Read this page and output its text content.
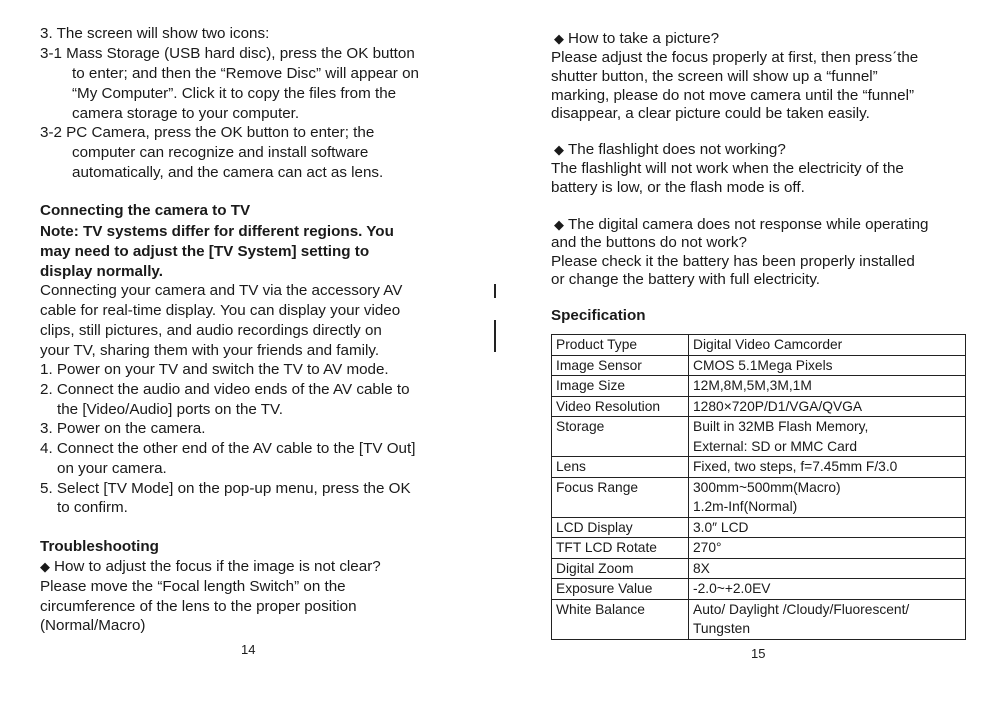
3. The screen will show two icons:
3-1 Mass Storage (USB hard disc), press the OK button
to enter; and then the “Remove Disc” will appear on
“My Computer”. Click it to copy the files from the
camera storage to your computer.
3-2 PC Camera, press the OK button to enter; the
computer can recognize and install software
automatically, and the camera can act as lens.
Connecting the camera to TV
Note: TV systems differ for different regions. You
may need to adjust the [TV System] setting to
display normally.
Connecting your camera and TV via the accessory AV
cable for real-time display. You can display your video
clips, still pictures, and audio recordings directly on
your TV, sharing them with your friends and family.
1. Power on your TV and switch the TV to AV mode.
2. Connect the audio and video ends of the AV cable to
the [Video/Audio] ports on the TV.
3. Power on the camera.
4. Connect the other end of the AV cable to the [TV Out]
on your camera.
5. Select [TV Mode] on the pop-up menu, press the OK
to confirm.
Troubleshooting
◆ How to adjust the focus if the image is not clear?
Please move the “Focal length Switch” on the
circumference of the lens to the proper position
(Normal/Macro)
14
◆ How to take a picture?
Please adjust the focus properly at first, then pressˊthe
shutter button, the screen will show up a “funnel”
marking, please do not move camera until the “funnel”
disappear, a clear picture could be taken easily.
◆ The flashlight does not working?
The flashlight will not work when the electricity of the
battery is low, or the flash mode is off.
◆ The digital camera does not response while operating
and the buttons do not work?
Please check it the battery has been properly installed
or change the battery with full electricity.
Specification
Product Type	Digital Video Camcorder

Image Sensor	CMOS 5.1Mega Pixels

Image Size	12M,8M,5M,3M,1M

Video Resolution	1280×720P/D1/VGA/QVGA

Storage	Built in 32MB Flash Memory,
External: SD or MMC Card

Lens	Fixed, two steps, f=7.45mm F/3.0

Focus Range	300mm~500mm(Macro)
1.2m-Inf(Normal)

LCD Display	3.0″ LCD

TFT LCD Rotate	270°

Digital Zoom	8X

Exposure Value	-2.0~+2.0EV

White Balance	Auto/ Daylight /Cloudy/Fluorescent/
Tungsten
15
